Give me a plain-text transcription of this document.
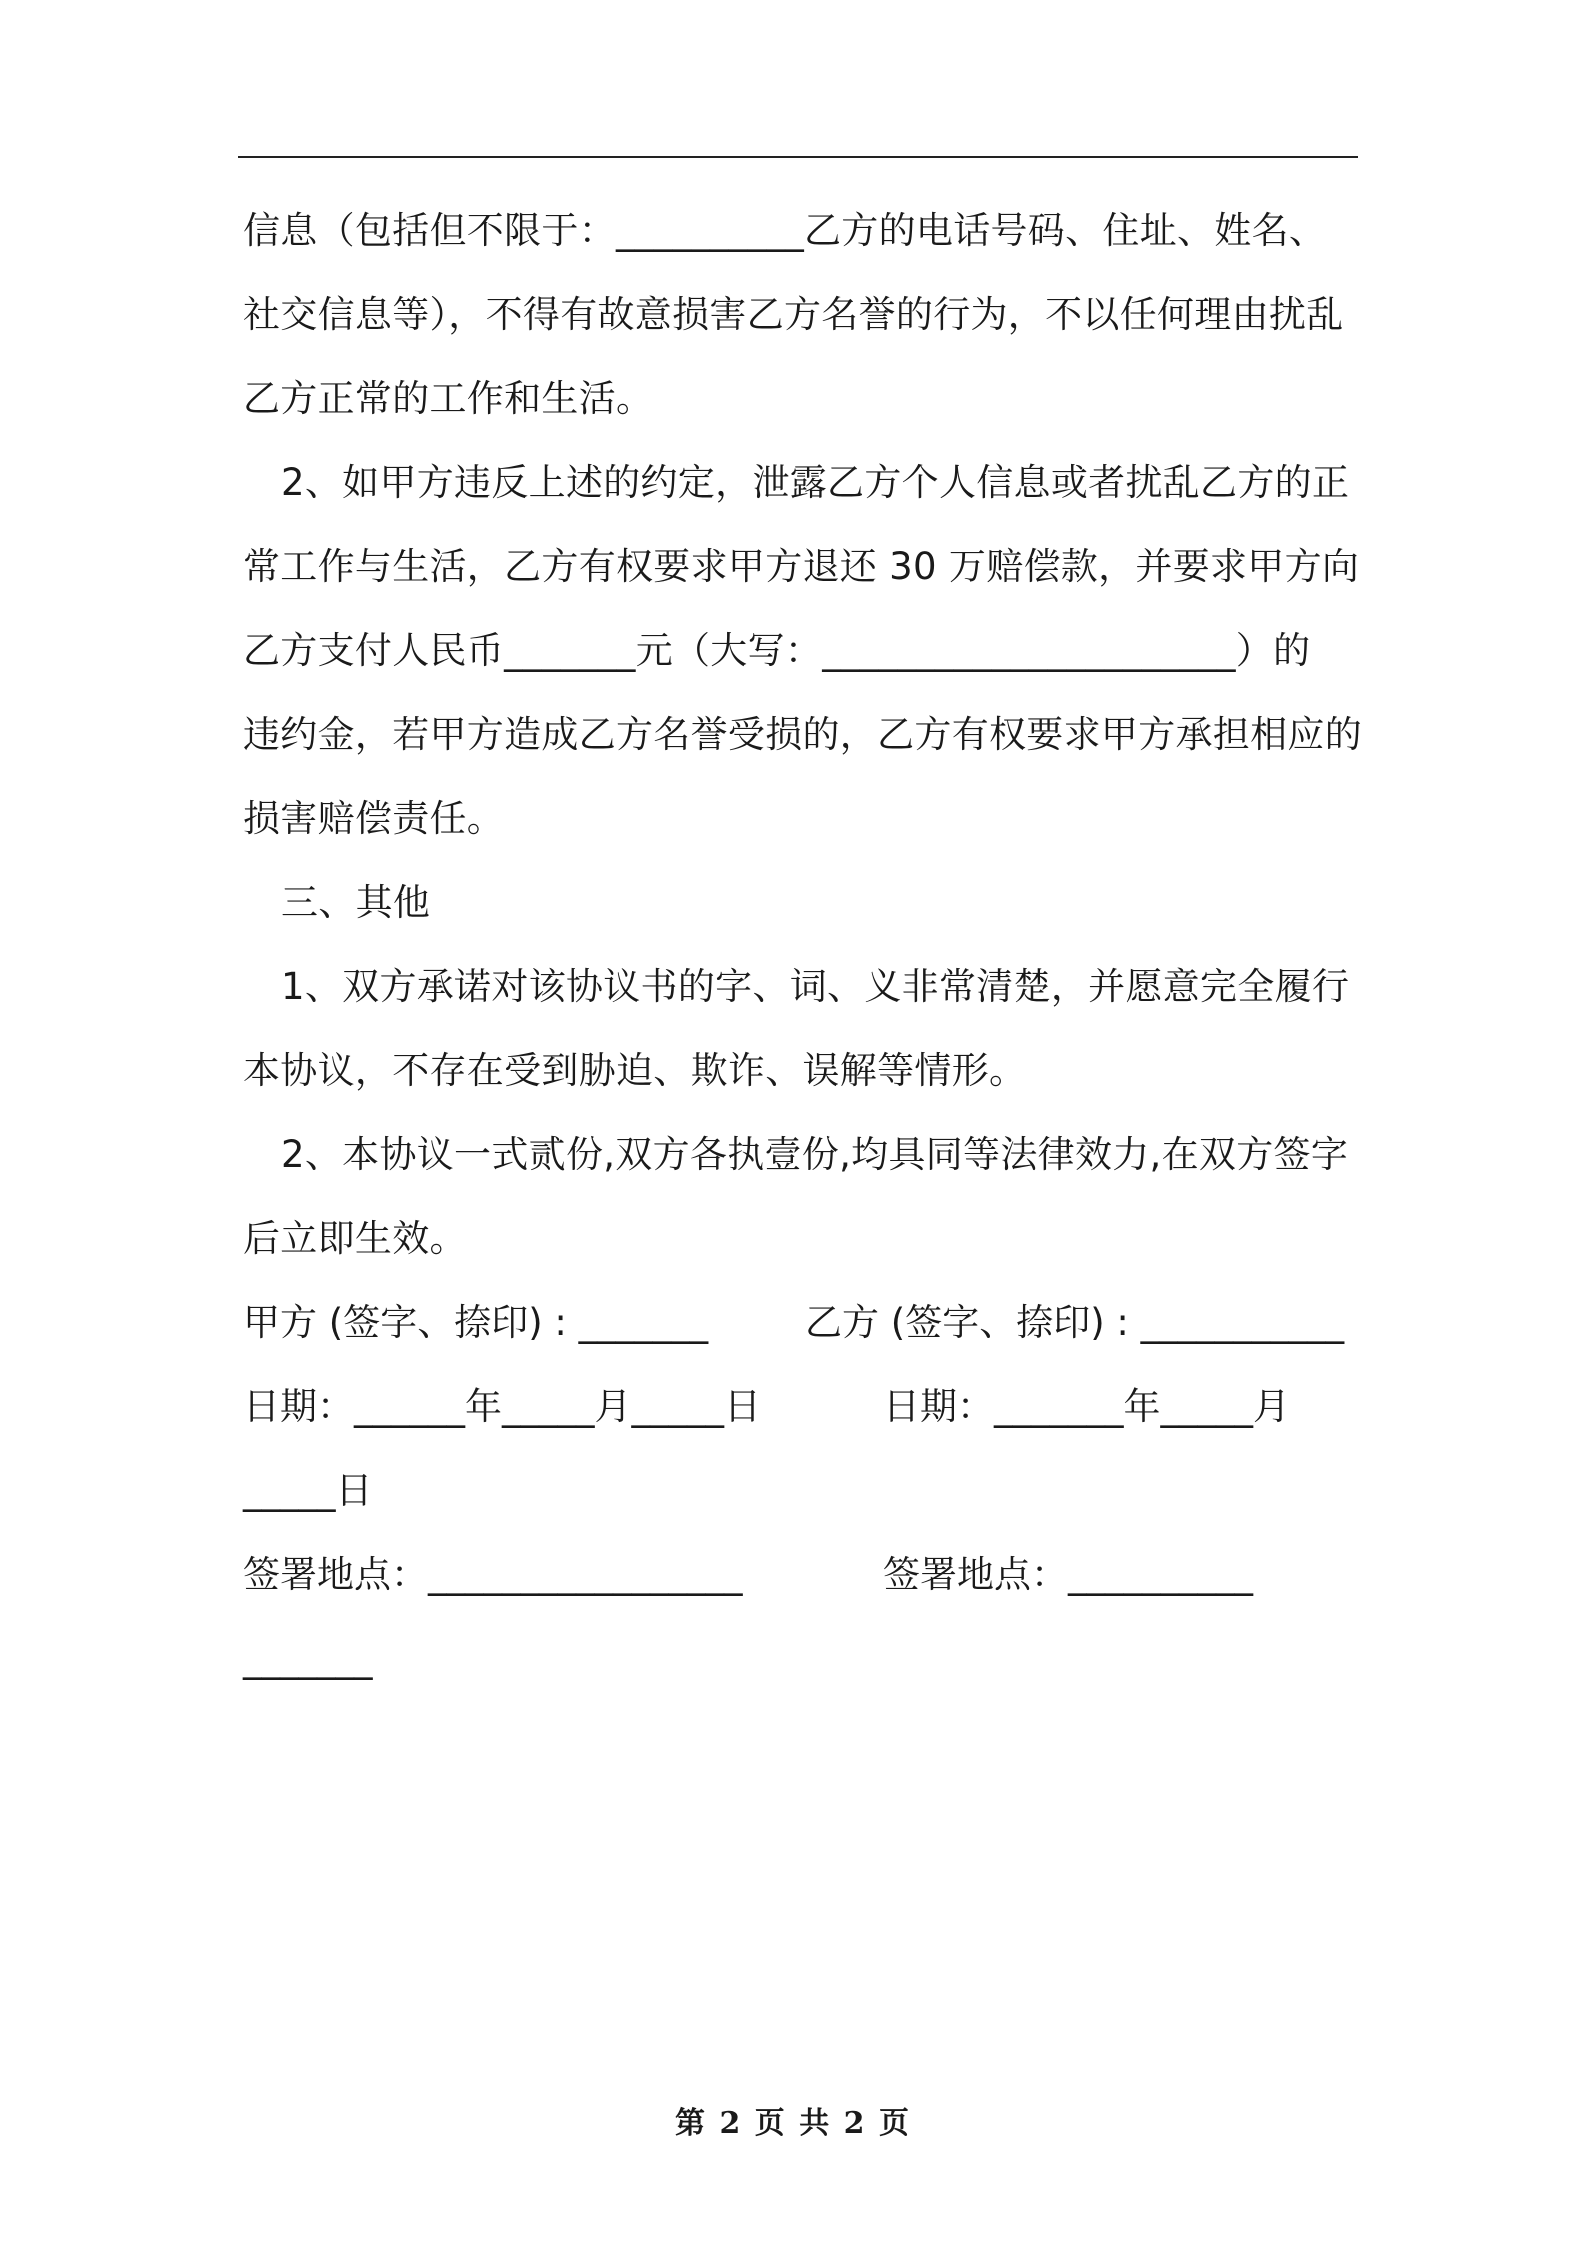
信息（包括但不限于：__________乙方的电话号码、住址、姓名、
社交信息等），不得有故意损害乙方名誉的行为，不以任何理由扰乱
乙方正常的工作和生活。
2、如甲方违反上述的约定，泄露乙方个人信息或者扰乱乙方的正
常工作与生活，乙方有权要求甲方退还 30 万赔偿款，并要求甲方向
乙方支付人民币_______元（大写：______________________）的
违约金，若甲方造成乙方名誉受损的，乙方有权要求甲方承担相应的
损害赔偿责任。
三、其他
1、双方承诺对该协议书的字、词、义非常清楚，并愿意完全履行
本协议，不存在受到胁迫、欺诈、误解等情形。
2、本协议一式贰份,双方各执壹份,均具同等法律效力,在双方签字
后立即生效。
甲方 (签字、捺印) : _______	乙方 (签字、捺印) : ___________
日期：______年_____月_____日	日期：_______年_____月
_____日
签署地点：_________________	签署地点：__________
_______
第 2 页 共 2 页
